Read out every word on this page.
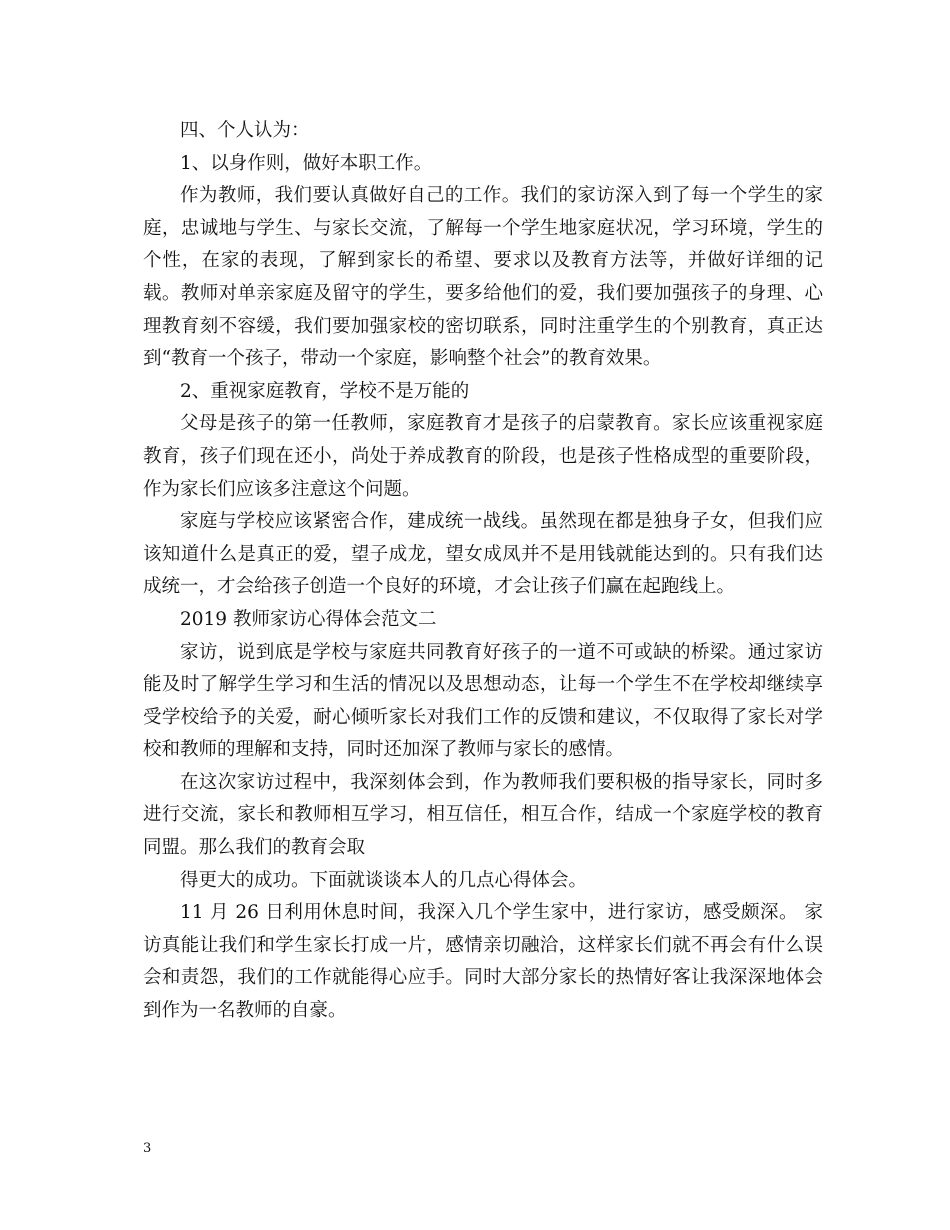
四、个人认为：

1、以身作则，做好本职工作。

作为教师，我们要认真做好自己的工作。我们的家访深入到了每一个学生的家庭，忠诚地与学生、与家长交流，了解每一个学生地家庭状况，学习环境，学生的个性，在家的表现，了解到家长的希望、要求以及教育方法等，并做好详细的记载。教师对单亲家庭及留守的学生，要多给他们的爱，我们要加强孩子的身理、心理教育刻不容缓，我们要加强家校的密切联系，同时注重学生的个别教育，真正达到“教育一个孩子，带动一个家庭，影响整个社会”的教育效果。

2、重视家庭教育，学校不是万能的

父母是孩子的第一任教师，家庭教育才是孩子的启蒙教育。家长应该重视家庭教育，孩子们现在还小，尚处于养成教育的阶段，也是孩子性格成型的重要阶段，作为家长们应该多注意这个问题。

家庭与学校应该紧密合作，建成统一战线。虽然现在都是独身子女，但我们应该知道什么是真正的爱，望子成龙，望女成凤并不是用钱就能达到的。只有我们达成统一，才会给孩子创造一个良好的环境，才会让孩子们赢在起跑线上。

2019 教师家访心得体会范文二

家访，说到底是学校与家庭共同教育好孩子的一道不可或缺的桥梁。通过家访能及时了解学生学习和生活的情况以及思想动态，让每一个学生不在学校却继续享受学校给予的关爱，耐心倾听家长对我们工作的反馈和建议，不仅取得了家长对学校和教师的理解和支持，同时还加深了教师与家长的感情。

在这次家访过程中，我深刻体会到，作为教师我们要积极的指导家长，同时多进行交流，家长和教师相互学习，相互信任，相互合作，结成一个家庭学校的教育同盟。那么我们的教育会取

得更大的成功。下面就谈谈本人的几点心得体会。

11 月 26 日利用休息时间，我深入几个学生家中，进行家访，感受颇深。 家访真能让我们和学生家长打成一片，感情亲切融洽，这样家长们就不再会有什么误会和责怨，我们的工作就能得心应手。同时大部分家长的热情好客让我深深地体会到作为一名教师的自豪。

3
